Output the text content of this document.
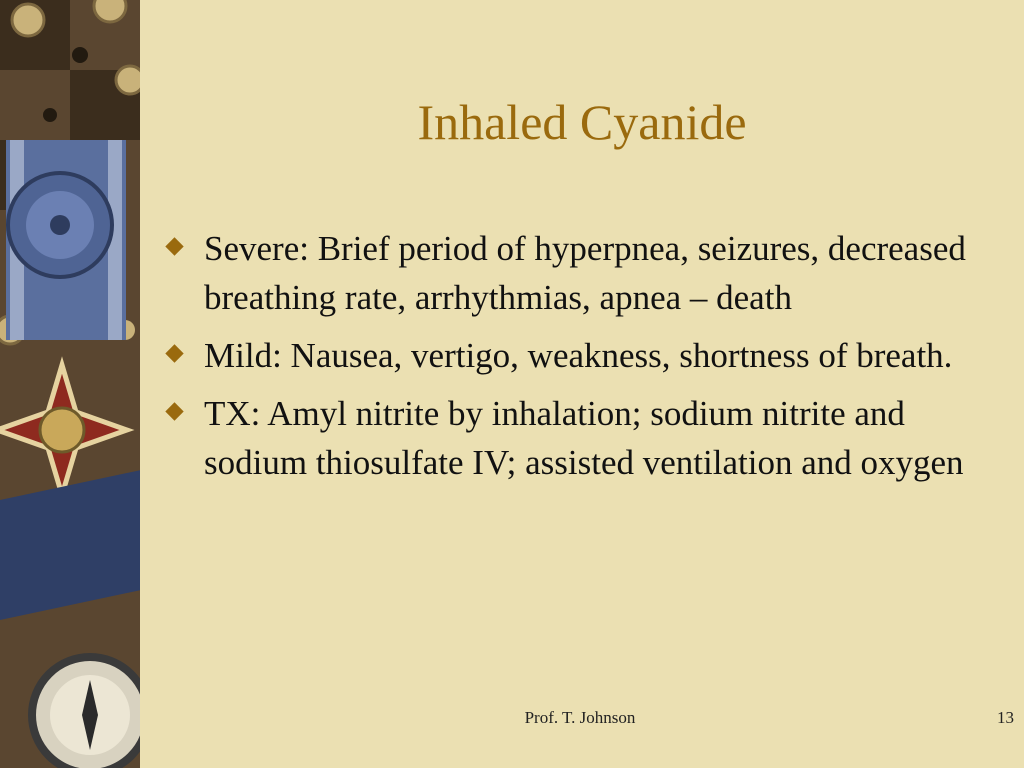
Inhaled Cyanide
Severe: Brief period of hyperpnea, seizures, decreased breathing rate, arrhythmias, apnea – death
Mild: Nausea, vertigo, weakness, shortness of breath.
TX: Amyl nitrite by inhalation; sodium nitrite and sodium thiosulfate IV; assisted ventilation and oxygen
Prof. T. Johnson	13
